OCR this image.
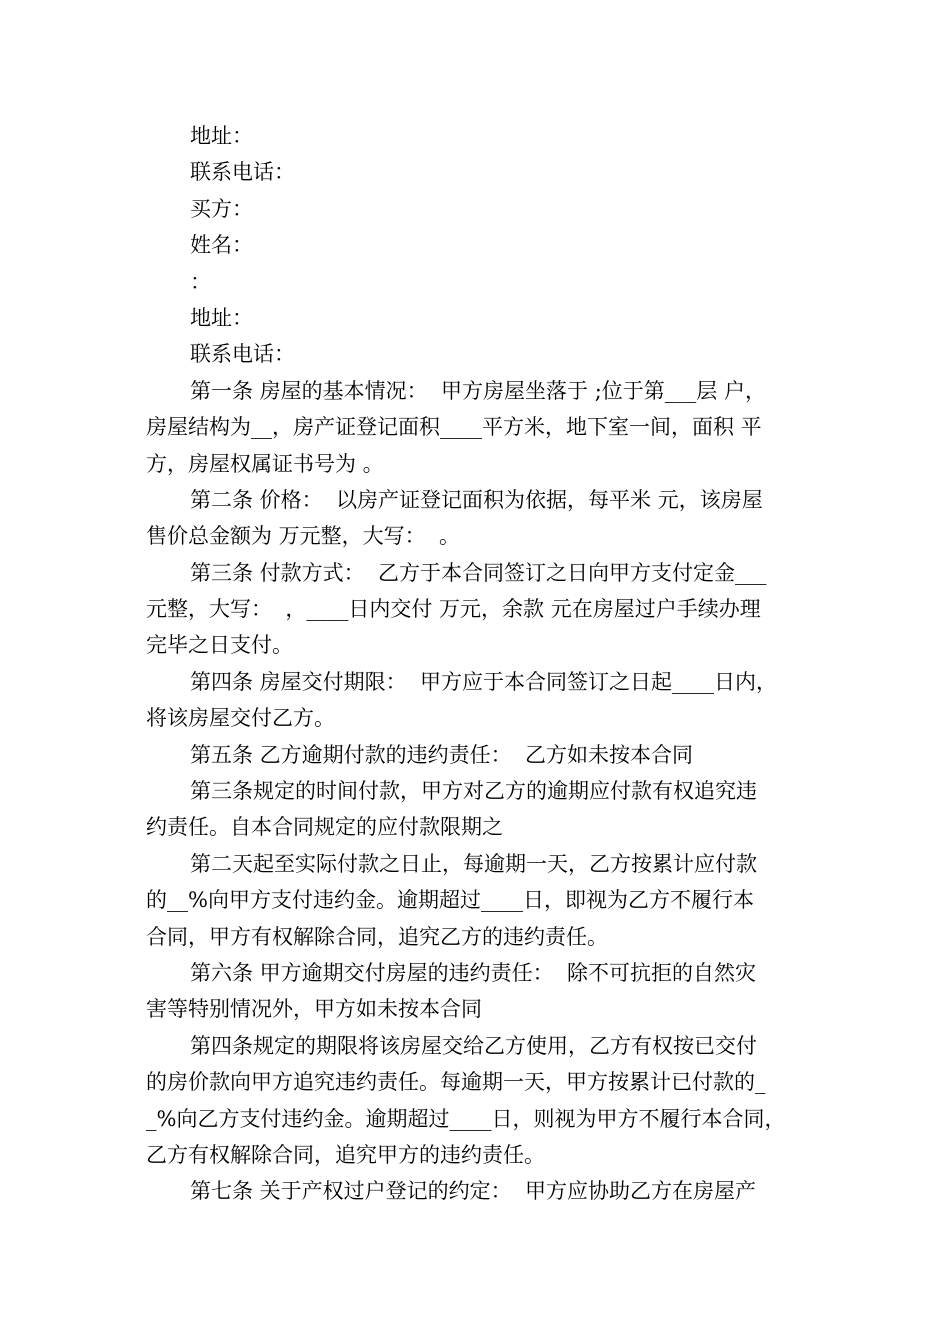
地址：
联系电话：
买方：
姓名：
：
地址：
联系电话：
第一条 房屋的基本情况：  甲方房屋坐落于 ;位于第___层 户，
房屋结构为__，房产证登记面积____平方米，地下室一间，面积 平
方，房屋权属证书号为 。
第二条 价格：  以房产证登记面积为依据，每平米 元，该房屋
售价总金额为 万元整，大写：  。
第三条 付款方式：  乙方于本合同签订之日向甲方支付定金___
元整，大写：  ，____日内交付 万元，余款 元在房屋过户手续办理
完毕之日支付。
第四条 房屋交付期限：  甲方应于本合同签订之日起____日内，
将该房屋交付乙方。
第五条 乙方逾期付款的违约责任：  乙方如未按本合同
第三条规定的时间付款，甲方对乙方的逾期应付款有权追究违
约责任。自本合同规定的应付款限期之
第二天起至实际付款之日止，每逾期一天，乙方按累计应付款
的__%向甲方支付违约金。逾期超过____日，即视为乙方不履行本
合同，甲方有权解除合同，追究乙方的违约责任。
第六条 甲方逾期交付房屋的违约责任：  除不可抗拒的自然灾
害等特别情况外，甲方如未按本合同
第四条规定的期限将该房屋交给乙方使用，乙方有权按已交付
的房价款向甲方追究违约责任。每逾期一天，甲方按累计已付款的_
_%向乙方支付违约金。逾期超过____日，则视为甲方不履行本合同，
乙方有权解除合同，追究甲方的违约责任。
第七条 关于产权过户登记的约定：  甲方应协助乙方在房屋产
